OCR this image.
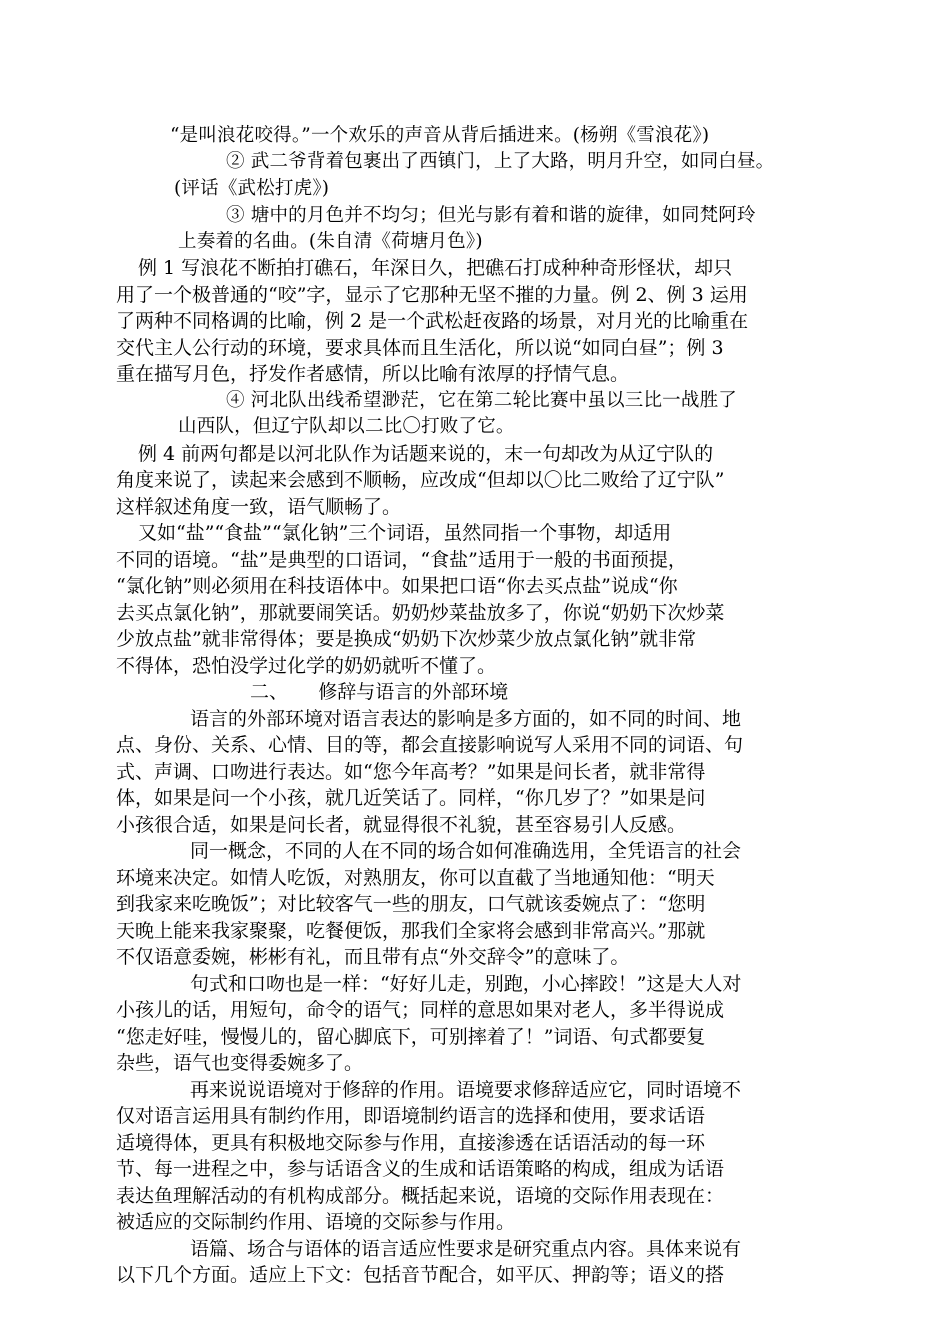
“是叫浪花咬得。”一个欢乐的声音从背后插进来。(杨朔《雪浪花》)
② 武二爷背着包裹出了西镇门，上了大路，明月升空，如同白昼。
(评话《武松打虎》)
③ 塘中的月色并不均匀；但光与影有着和谐的旋律，如同梵阿玲
上奏着的名曲。(朱自清《荷塘月色》)
例 1 写浪花不断拍打礁石，年深日久，把礁石打成种种奇形怪状，却只
用了一个极普通的“咬”字，显示了它那种无坚不摧的力量。例 2、例 3 运用
了两种不同格调的比喻，例 2 是一个武松赶夜路的场景，对月光的比喻重在
交代主人公行动的环境，要求具体而且生活化，所以说“如同白昼”；例 3
重在描写月色，抒发作者感情，所以比喻有浓厚的抒情气息。
④ 河北队出线希望渺茫，它在第二轮比赛中虽以三比一战胜了
山西队，但辽宁队却以二比〇打败了它。
例 4 前两句都是以河北队作为话题来说的，末一句却改为从辽宁队的
角度来说了，读起来会感到不顺畅，应改成“但却以〇比二败给了辽宁队”
这样叙述角度一致，语气顺畅了。
又如“盐”“食盐”“氯化钠”三个词语，虽然同指一个事物，却适用
不同的语境。“盐”是典型的口语词，“食盐”适用于一般的书面预提，
“氯化钠”则必须用在科技语体中。如果把口语“你去买点盐”说成“你
去买点氯化钠”，那就要闹笑话。奶奶炒菜盐放多了，你说“奶奶下次炒菜
少放点盐”就非常得体；要是换成“奶奶下次炒菜少放点氯化钠”就非常
不得体，恐怕没学过化学的奶奶就听不懂了。
二、     修辞与语言的外部环境
语言的外部环境对语言表达的影响是多方面的，如不同的时间、地
点、身份、关系、心情、目的等，都会直接影响说写人采用不同的词语、句
式、声调、口吻进行表达。如“您今年高考？”如果是问长者，就非常得
体，如果是问一个小孩，就几近笑话了。同样，“你几岁了？”如果是问
小孩很合适，如果是问长者，就显得很不礼貌，甚至容易引人反感。
同一概念，不同的人在不同的场合如何准确选用，全凭语言的社会
环境来决定。如情人吃饭，对熟朋友，你可以直截了当地通知他：“明天
到我家来吃晚饭”；对比较客气一些的朋友，口气就该委婉点了：“您明
天晚上能来我家聚聚，吃餐便饭，那我们全家将会感到非常高兴。”那就
不仅语意委婉，彬彬有礼，而且带有点“外交辞令”的意味了。
句式和口吻也是一样：“好好儿走，别跑，小心摔跤！”这是大人对
小孩儿的话，用短句，命令的语气；同样的意思如果对老人，多半得说成
“您走好哇，慢慢儿的，留心脚底下，可别摔着了！”词语、句式都要复
杂些，语气也变得委婉多了。
再来说说语境对于修辞的作用。语境要求修辞适应它，同时语境不
仅对语言运用具有制约作用，即语境制约语言的选择和使用，要求话语
适境得体，更具有积极地交际参与作用，直接渗透在话语活动的每一环
节、每一进程之中，参与话语含义的生成和话语策略的构成，组成为话语
表达鱼理解活动的有机构成部分。概括起来说，语境的交际作用表现在：
被适应的交际制约作用、语境的交际参与作用。
语篇、场合与语体的语言适应性要求是研究重点内容。具体来说有
以下几个方面。适应上下文：包括音节配合，如平仄、押韵等；语义的搭
